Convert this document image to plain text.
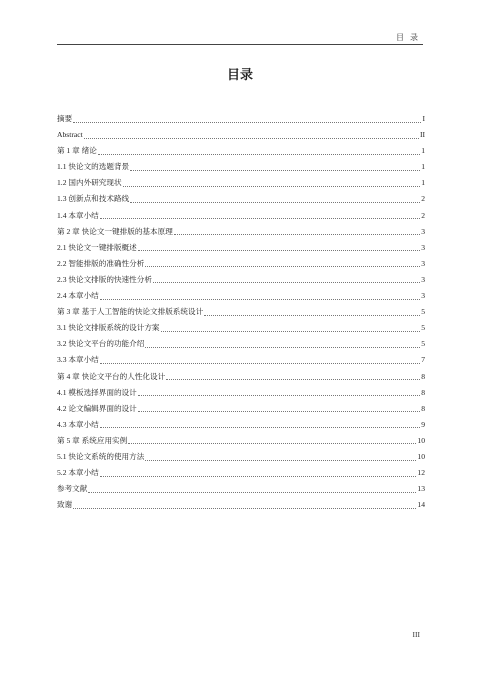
目 录
目录
摘要	I
Abstract	II
第 1 章 绪论	1
1.1 快论文的选题背景	1
1.2 国内外研究现状	1
1.3 创新点和技术路线	2
1.4 本章小结	2
第 2 章 快论文一键排版的基本原理	3
2.1 快论文一键排版概述	3
2.2 智能排版的准确性分析	3
2.3 快论文排版的快速性分析	3
2.4 本章小结	3
第 3 章 基于人工智能的快论文排版系统设计	5
3.1 快论文排版系统的设计方案	5
3.2 快论文平台的功能介绍	5
3.3 本章小结	7
第 4 章 快论文平台的人性化设计	8
4.1 模板选择界面的设计	8
4.2 论文编辑界面的设计	8
4.3 本章小结	9
第 5 章 系统应用实例	10
5.1 快论文系统的使用方法	10
5.2 本章小结	12
参考文献	13
致谢	14
III
